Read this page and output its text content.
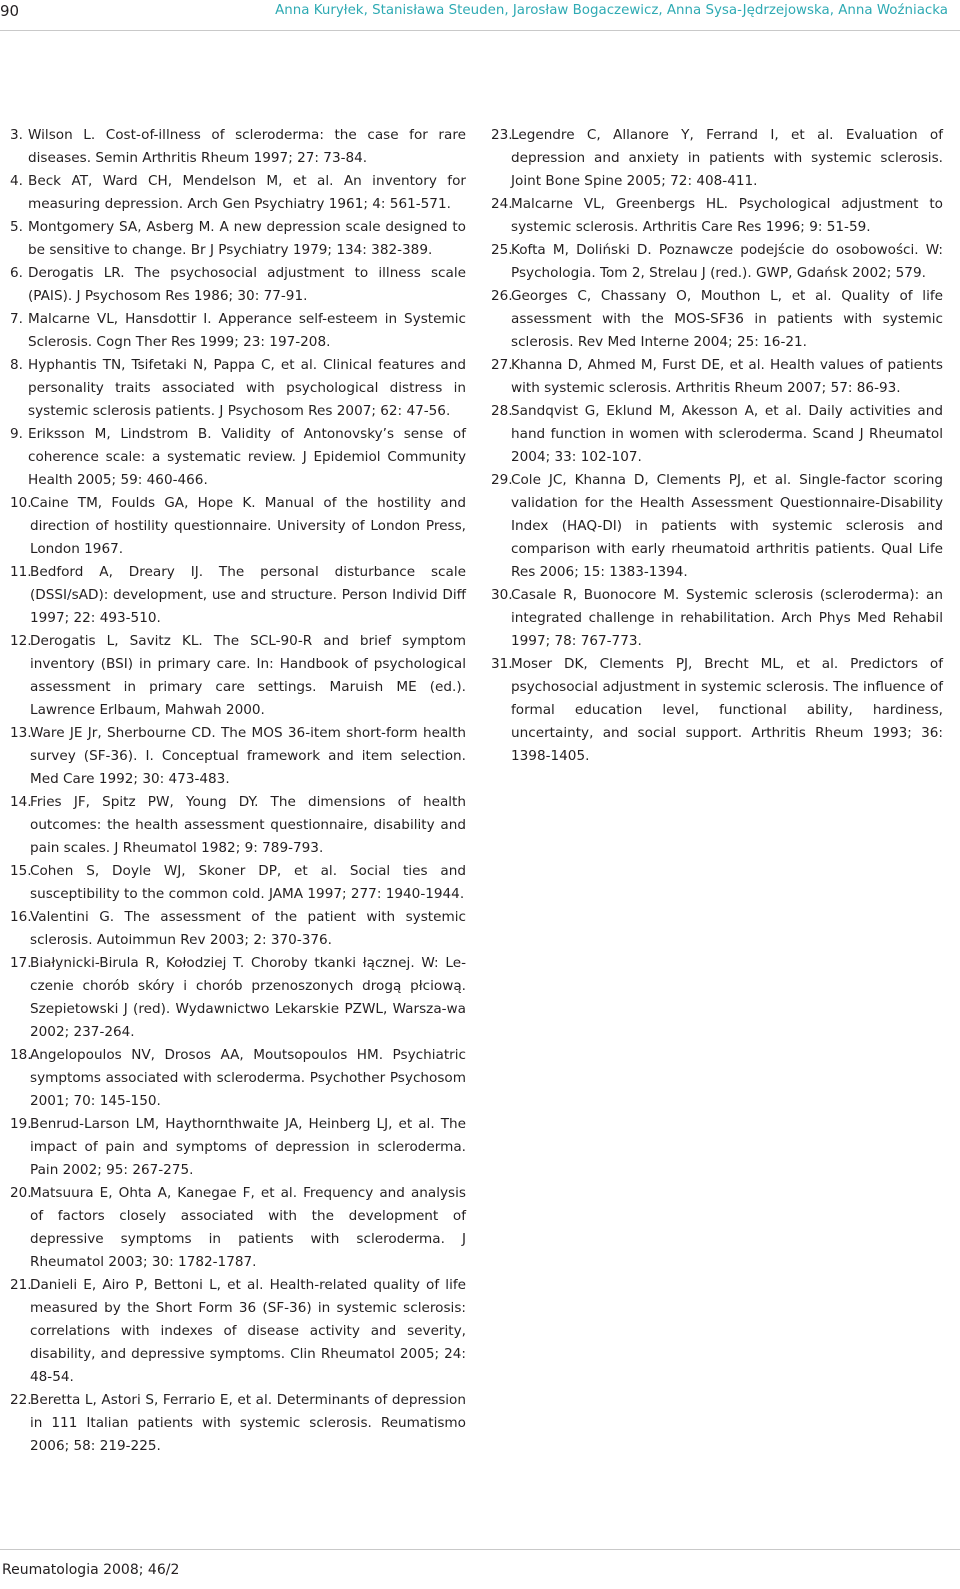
90	Anna Kuryłek, Stanisława Steuden, Jarosław Bogaczewicz, Anna Sysa-Jędrzejowska, Anna Woźniacka
3. Wilson L. Cost-of-illness of scleroderma: the case for rare diseases. Semin Arthritis Rheum 1997; 27: 73-84.
4. Beck AT, Ward CH, Mendelson M, et al. An inventory for measuring depression. Arch Gen Psychiatry 1961; 4: 561-571.
5. Montgomery SA, Asberg M. A new depression scale designed to be sensitive to change. Br J Psychiatry 1979; 134: 382-389.
6. Derogatis LR. The psychosocial adjustment to illness scale (PAIS). J Psychosom Res 1986; 30: 77-91.
7. Malcarne VL, Hansdottir I. Apperance self-esteem in Systemic Sclerosis. Cogn Ther Res 1999; 23: 197-208.
8. Hyphantis TN, Tsifetaki N, Pappa C, et al. Clinical features and personality traits associated with psychological distress in systemic sclerosis patients. J Psychosom Res 2007; 62: 47-56.
9. Eriksson M, Lindstrom B. Validity of Antonovsky’s sense of coherence scale: a systematic review. J Epidemiol Community Health 2005; 59: 460-466.
10.
Caine TM, Foulds GA, Hope K. Manual of the hostility and direction of hostility questionnaire. University of London Press, London 1967.
11.
Bedford A, Dreary IJ. The personal disturbance scale (DSSI/sAD): development, use and structure. Person Individ Diff 1997; 22: 493-510.
12.
Derogatis L, Savitz KL. The SCL-90-R and brief symptom inventory (BSI) in primary care. In: Handbook of psychological assessment in primary care settings. Maruish ME (ed.). Lawrence Erlbaum, Mahwah 2000.
13.
Ware JE Jr, Sherbourne CD. The MOS 36-item short-form health survey (SF-36). I. Conceptual framework and item selection. Med Care 1992; 30: 473-483.
14.
Fries JF, Spitz PW, Young DY. The dimensions of health outcomes: the health assessment questionnaire, disability and pain scales. J Rheumatol 1982; 9: 789-793.
15.
Cohen S, Doyle WJ, Skoner DP, et al. Social ties and susceptibility to the common cold. JAMA 1997; 277: 1940-1944.
16.
Valentini G. The assessment of the patient with systemic sclerosis. Autoimmun Rev 2003; 2: 370-376.
17.
Białynicki-Birula R, Kołodziej T. Choroby tkanki łącznej. W: Le-czenie chorób skóry i chorób przenoszonych drogą płciową. Szepietowski J (red). Wydawnictwo Lekarskie PZWL, Warsza-wa 2002; 237-264.
18.
Angelopoulos NV, Drosos AA, Moutsopoulos HM. Psychiatric symptoms associated with scleroderma. Psychother Psychosom 2001; 70: 145-150.
19.
Benrud-Larson LM, Haythornthwaite JA, Heinberg LJ, et al. The impact of pain and symptoms of depression in scleroderma. Pain 2002; 95: 267-275.
20.
Matsuura E, Ohta A, Kanegae F, et al. Frequency and analysis of factors closely associated with the development of depressive symptoms in patients with scleroderma. J Rheumatol 2003; 30: 1782-1787.
21.
Danieli E, Airo P, Bettoni L, et al. Health-related quality of life measured by the Short Form 36 (SF-36) in systemic sclerosis: correlations with indexes of disease activity and severity, disability, and depressive symptoms. Clin Rheumatol 2005; 24: 48-54.
22.
Beretta L, Astori S, Ferrario E, et al. Determinants of depression in 111 Italian patients with systemic sclerosis. Reumatismo 2006; 58: 219-225.
23.
Legendre C, Allanore Y, Ferrand I, et al. Evaluation of depression and anxiety in patients with systemic sclerosis. Joint Bone Spine 2005; 72: 408-411.
24.
Malcarne VL, Greenbergs HL. Psychological adjustment to systemic sclerosis. Arthritis Care Res 1996; 9: 51-59.
25.
Kofta M, Doliński D. Poznawcze podejście do osobowości. W: Psychologia. Tom 2, Strelau J (red.). GWP, Gdańsk 2002; 579.
26.
Georges C, Chassany O, Mouthon L, et al. Quality of life assessment with the MOS-SF36 in patients with systemic sclerosis. Rev Med Interne 2004; 25: 16-21.
27.
Khanna D, Ahmed M, Furst DE, et al. Health values of patients with systemic sclerosis. Arthritis Rheum 2007; 57: 86-93.
28.
Sandqvist G, Eklund M, Akesson A, et al. Daily activities and hand function in women with scleroderma. Scand J Rheumatol 2004; 33: 102-107.
29.
Cole JC, Khanna D, Clements PJ, et al. Single-factor scoring validation for the Health Assessment Questionnaire-Disability Index (HAQ-DI) in patients with systemic sclerosis and comparison with early rheumatoid arthritis patients. Qual Life Res 2006; 15: 1383-1394.
30.
Casale R, Buonocore M. Systemic sclerosis (scleroderma): an integrated challenge in rehabilitation. Arch Phys Med Rehabil 1997; 78: 767-773.
31.
Moser DK, Clements PJ, Brecht ML, et al. Predictors of psychosocial adjustment in systemic sclerosis. The influence of formal education level, functional ability, hardiness, uncertainty, and social support. Arthritis Rheum 1993; 36: 1398-1405.
Reumatologia 2008; 46/2
